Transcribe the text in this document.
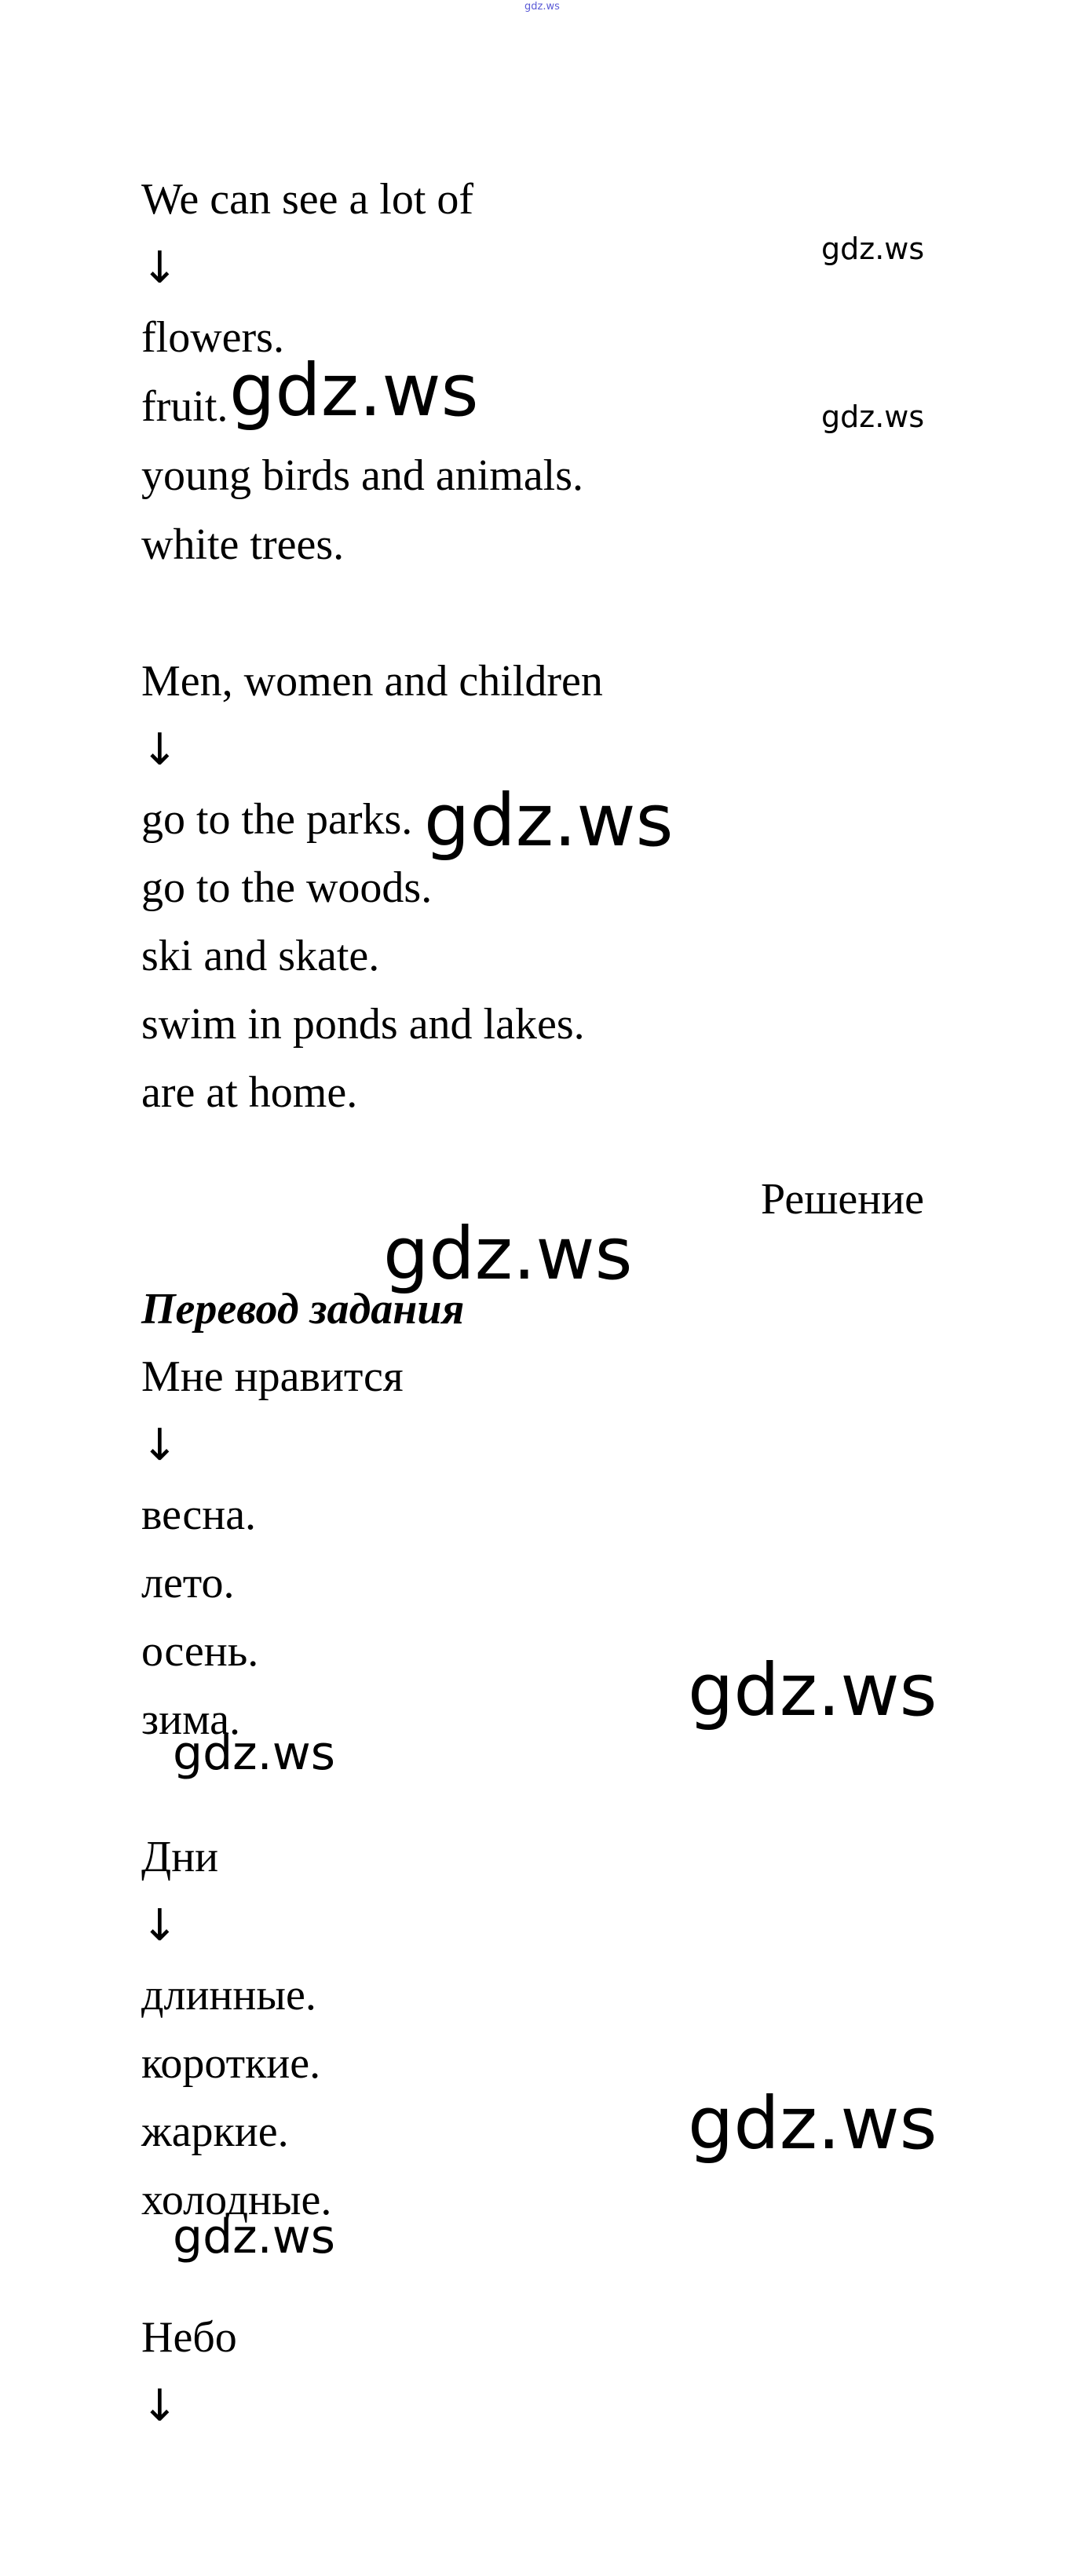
gdz.ws
We can see a lot of
↓
flowers.
fruit.
young birds and animals.
white trees.
Men, women and children
↓
go to the parks.
go to the woods.
ski and skate.
swim in ponds and lakes.
are at home.
Решение
Перевод задания
Мне нравится
↓
весна.
лето.
осень.
зима.
Дни
↓
длинные.
короткие.
жаркие.
холодные.
Небо
↓
gdz.ws
gdz.ws
gdz.ws
gdz.ws
gdz.ws
gdz.ws
gdz.ws
gdz.ws
gdz.ws
